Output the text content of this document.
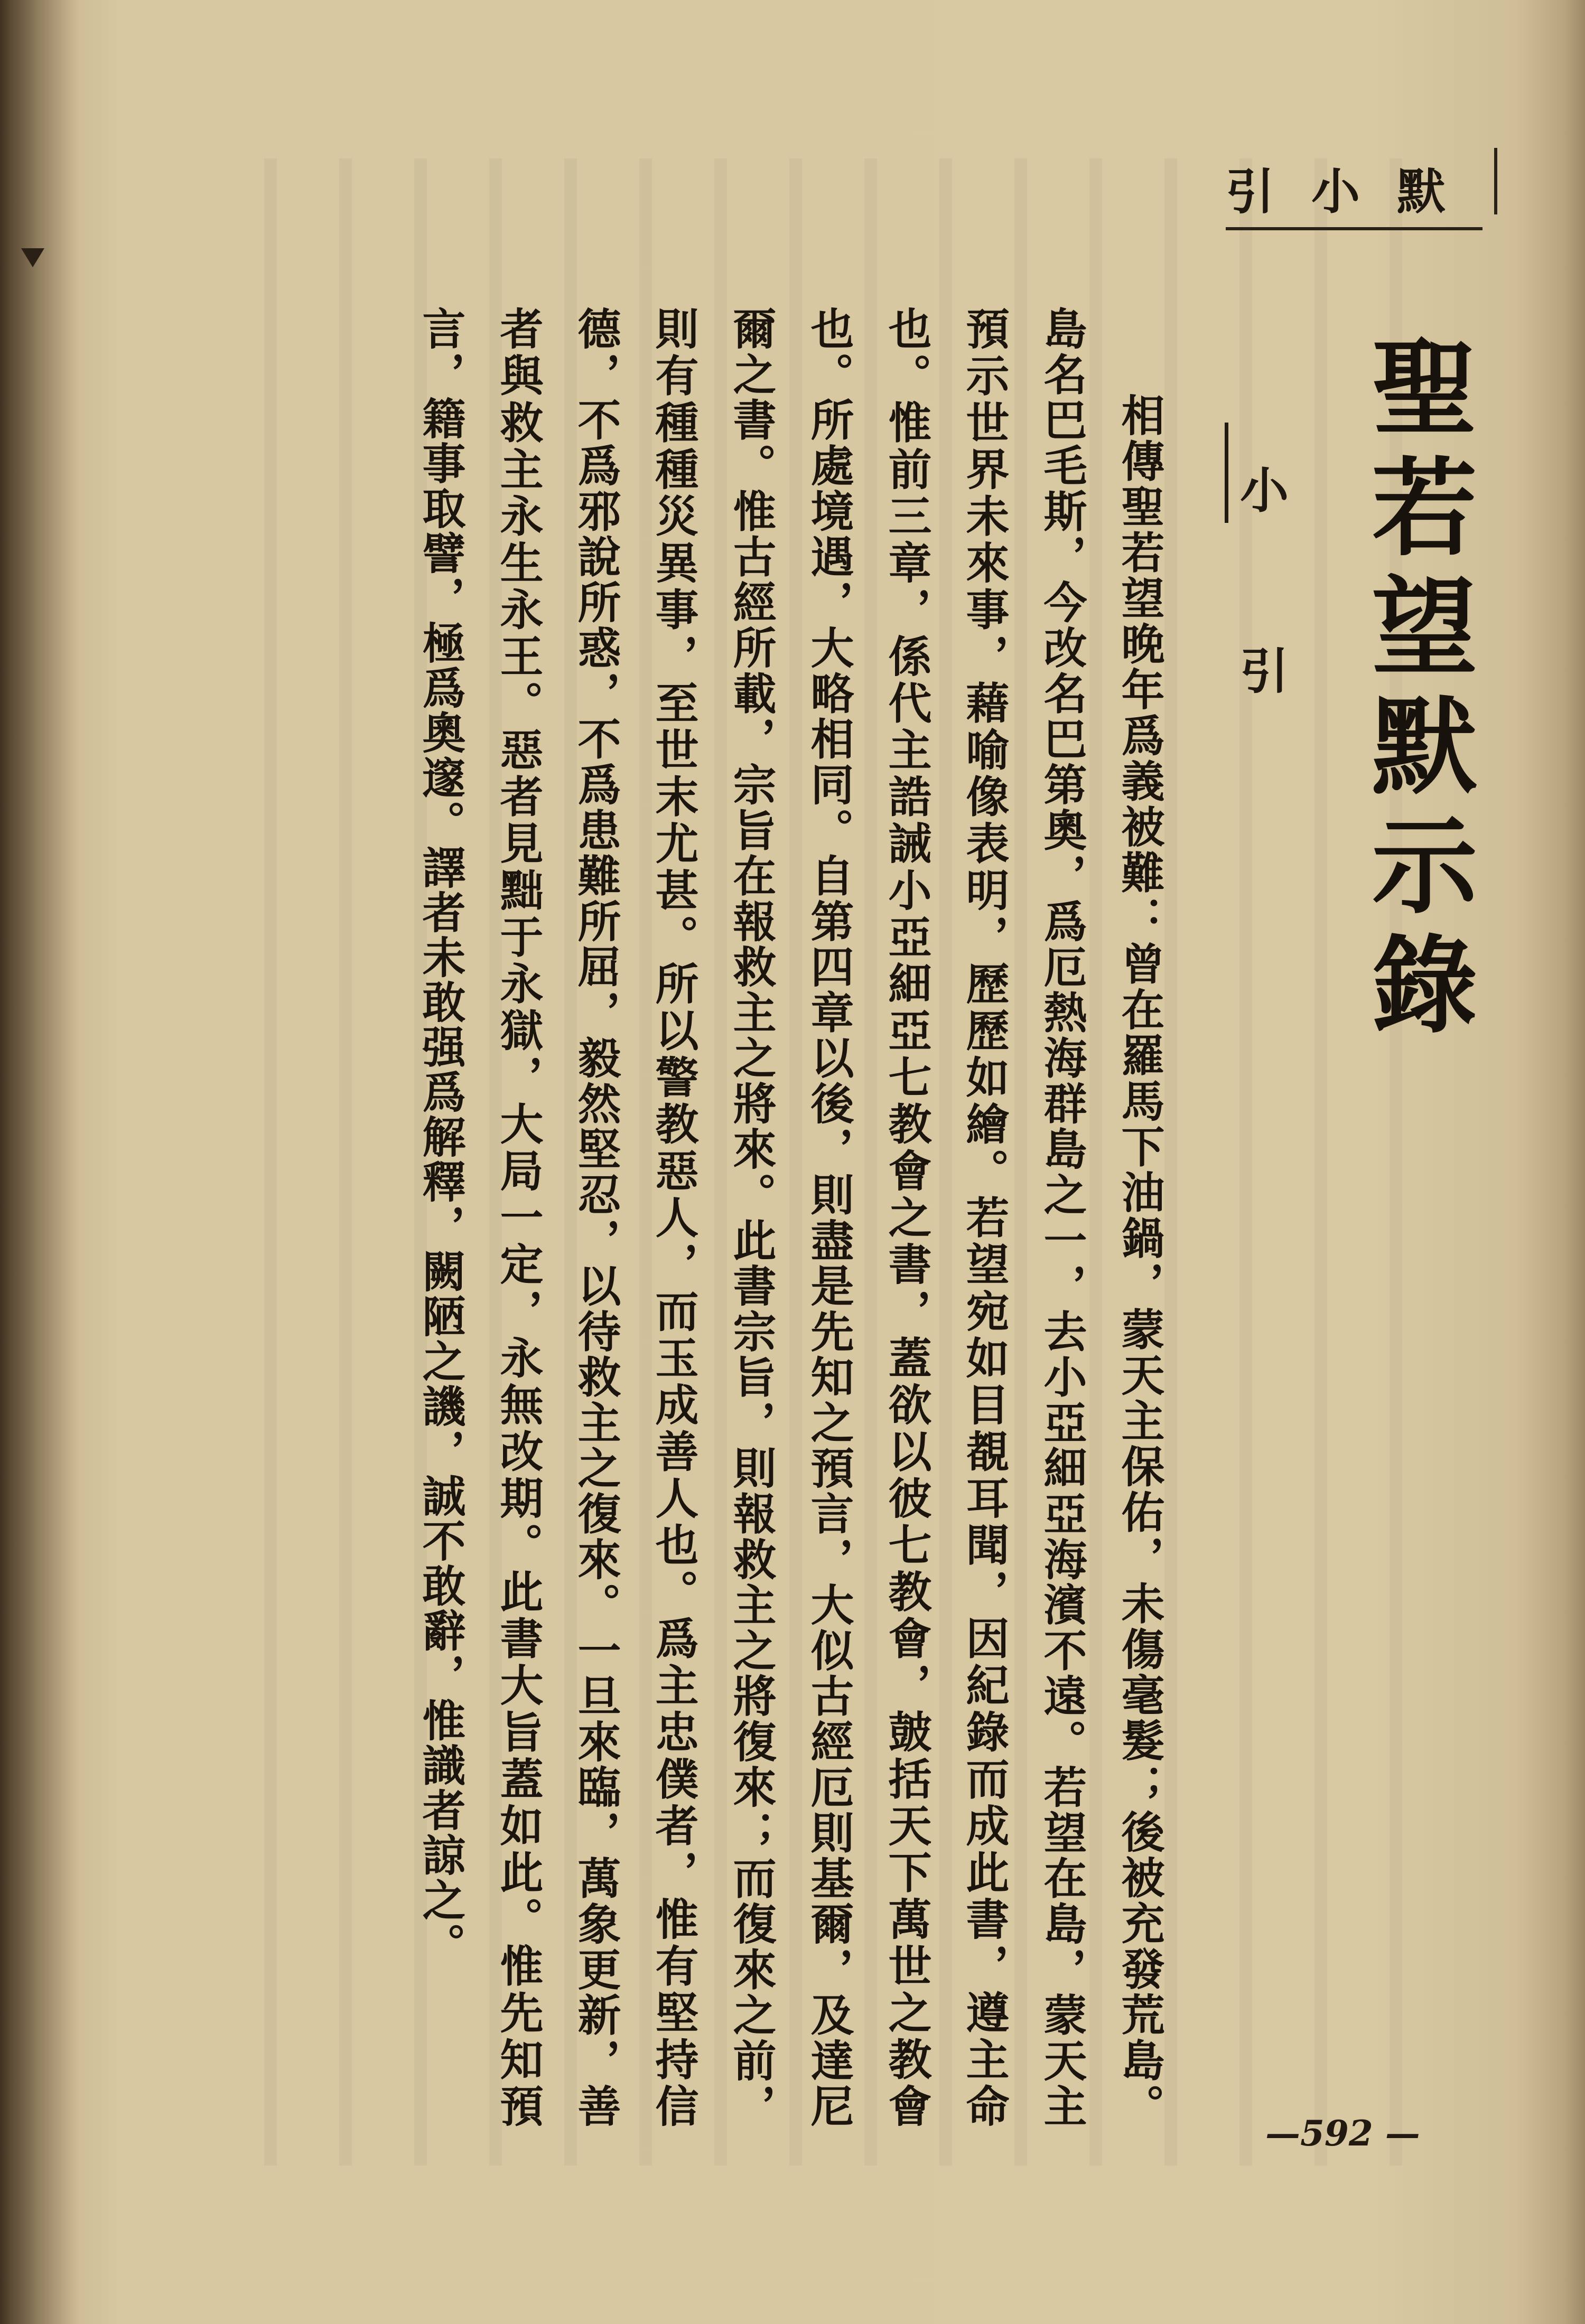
引小默
聖若望默示錄
小引

相傳聖若望晚年爲義被難：曾在羅馬下油鍋，蒙天主保佑，未傷毫髮；後被充發荒島。島名巴毛斯，今改名巴第奧，爲厄熱海群島之一，去小亞細亞海濱不遠。若望在島，蒙天主預示世界未來事，藉喻像表明，歷歷如繪。若望宛如目覩耳聞，因紀錄而成此書，遵主命也。惟前三章，係代主誥誡小亞細亞七教會之書，蓋欲以彼七教會，皷括天下萬世之教會也。所處境遇，大略相同。自第四章以後，則盡是先知之預言，大似古經厄則基爾，及達尼爾之書。惟古經所載，宗旨在報救主之將來。此書宗旨，則報救主之將復來；而復來之前，則有種種災異事，至世末尤甚。所以警教惡人，而玉成善人也。爲主忠僕者，惟有堅持信德，不爲邪說所惑，不爲患難所屈，毅然堅忍，以待救主之復來。一旦來臨，萬象更新，善者與救主永生永王。惡者見黜于永獄，大局一定，永無改期。此書大旨蓋如此。惟先知預言，籍事取譬，極爲奧邃。譯者未敢强爲解釋，闕陋之譏，誠不敢辭，惟識者諒之。

—592 —
